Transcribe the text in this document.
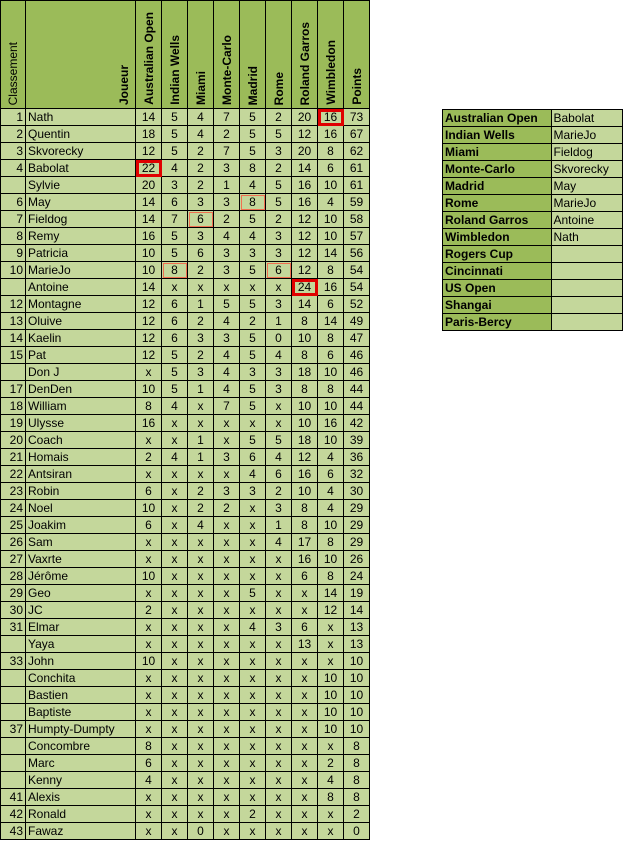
Classement	Joueur	Australian Open	Indian Wells	Miami	Monte-Carlo	Madrid	Rome	Roland Garros	Wimbledon	Points

1	Nath	14	5	4	7	5	2	20	16	73
2	Quentin	18	5	4	2	5	5	12	16	67
3	Skvorecky	12	5	2	7	5	3	20	8	62
4	Babolat	22	4	2	3	8	2	14	6	61
	Sylvie	20	3	2	1	4	5	16	10	61
6	May	14	6	3	3	8	5	16	4	59
7	Fieldog	14	7	6	2	5	2	12	10	58
8	Remy	16	5	3	4	4	3	12	10	57
9	Patricia	10	5	6	3	3	3	12	14	56
10	MarieJo	10	8	2	3	5	6	12	8	54
	Antoine	14	x	x	x	x	x	24	16	54
12	Montagne	12	6	1	5	5	3	14	6	52
13	Oluive	12	6	2	4	2	1	8	14	49
14	Kaelin	12	6	3	3	5	0	10	8	47
15	Pat	12	5	2	4	5	4	8	6	46
	Don J	x	5	3	4	3	3	18	10	46
17	DenDen	10	5	1	4	5	3	8	8	44
18	William	8	4	x	7	5	x	10	10	44
19	Ulysse	16	x	x	x	x	x	10	16	42
20	Coach	x	x	1	x	5	5	18	10	39
21	Homais	2	4	1	3	6	4	12	4	36
22	Antsiran	x	x	x	x	4	6	16	6	32
23	Robin	6	x	2	3	3	2	10	4	30
24	Noel	10	x	2	2	x	3	8	4	29
25	Joakim	6	x	4	x	x	1	8	10	29
26	Sam	x	x	x	x	x	4	17	8	29
27	Vaxrte	x	x	x	x	x	x	16	10	26
28	Jérôme	10	x	x	x	x	x	6	8	24
29	Geo	x	x	x	x	5	x	x	14	19
30	JC	2	x	x	x	x	x	x	12	14
31	Elmar	x	x	x	x	4	3	6	x	13
	Yaya	x	x	x	x	x	x	13	x	13
33	John	10	x	x	x	x	x	x	x	10
	Conchita	x	x	x	x	x	x	x	10	10
	Bastien	x	x	x	x	x	x	x	10	10
	Baptiste	x	x	x	x	x	x	x	10	10
37	Humpty-Dumpty	x	x	x	x	x	x	x	10	10
	Concombre	8	x	x	x	x	x	x	x	8
	Marc	6	x	x	x	x	x	x	2	8
	Kenny	4	x	x	x	x	x	x	4	8
41	Alexis	x	x	x	x	x	x	x	8	8
42	Ronald	x	x	x	x	2	x	x	x	2
43	Fawaz	x	x	0	x	x	x	x	x	0
Australian Open	Babolat
Indian Wells	MarieJo
Miami	Fieldog
Monte-Carlo	Skvorecky
Madrid	May
Rome	MarieJo
Roland Garros	Antoine
Wimbledon	Nath
Rogers Cup	
Cincinnati	
US Open	
Shangai	
Paris-Bercy	
